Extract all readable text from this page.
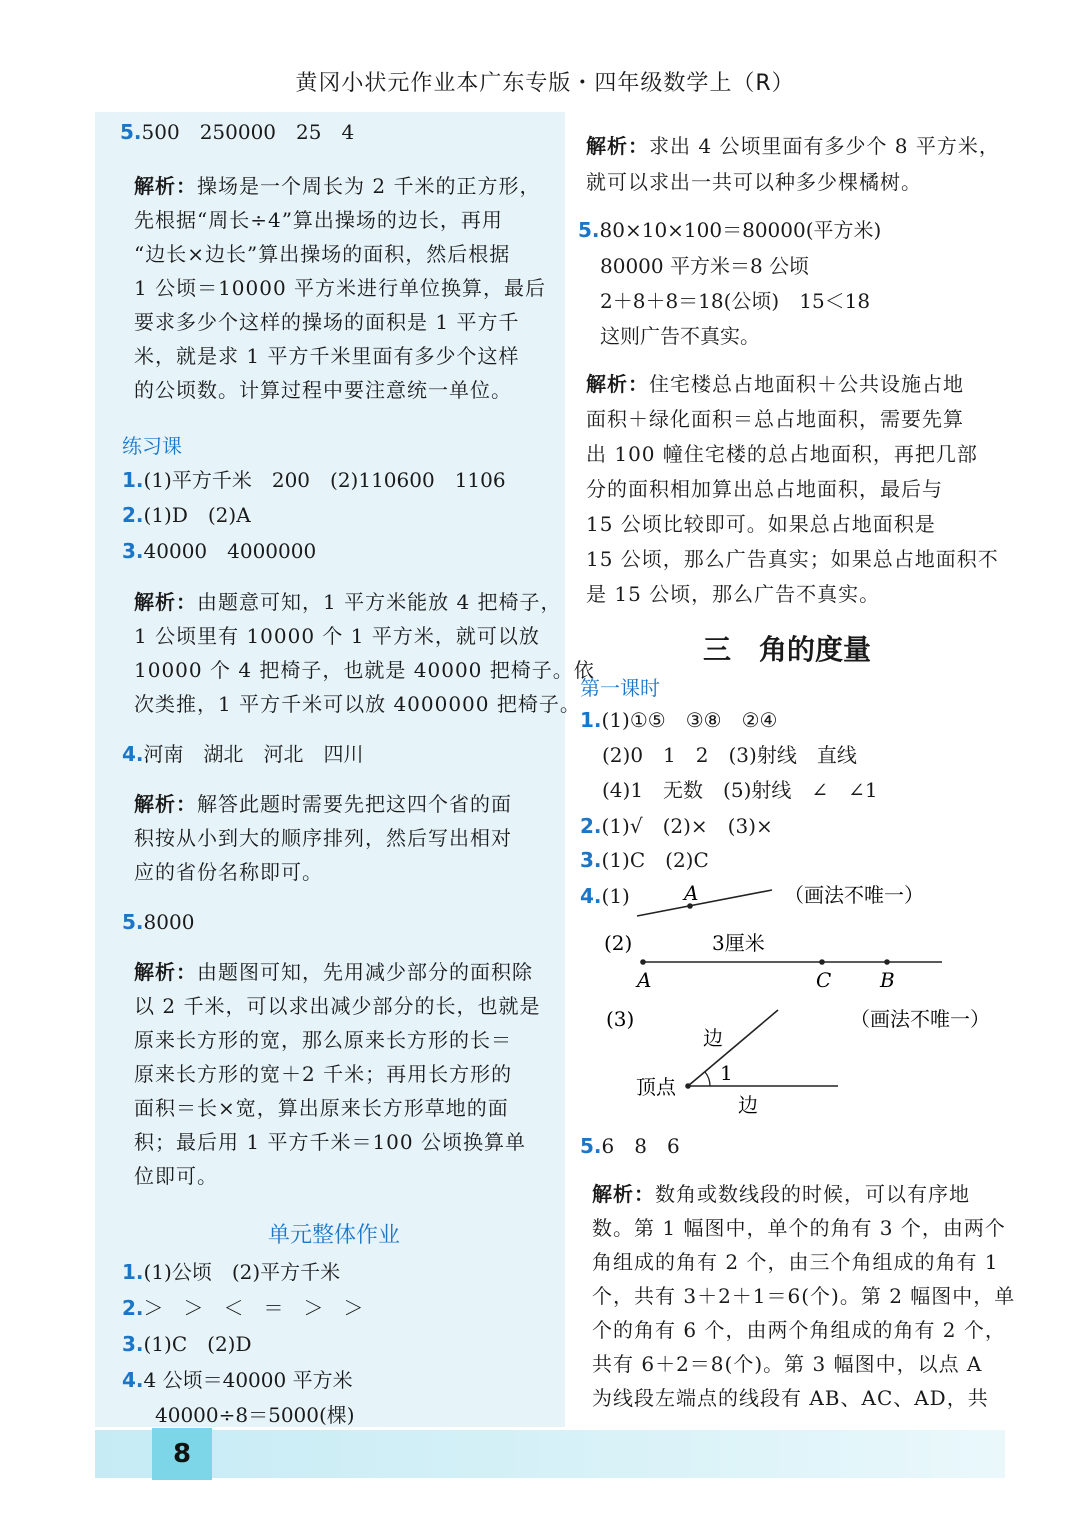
8
黄冈小状元作业本广东专版・四年级数学上（R）
5.500　250000　25　4
解析：操场是一个周长为 2 千米的正方形，
先根据“周长÷4”算出操场的边长，再用
“边长×边长”算出操场的面积，然后根据
1 公顷＝10000 平方米进行单位换算，最后
要求多少个这样的操场的面积是 1 平方千
米，就是求 1 平方千米里面有多少个这样
的公顷数。计算过程中要注意统一单位。
练习课
1.(1)平方千米　200　(2)110600　1106
2.(1)D　(2)A
3.40000　4000000
解析：由题意可知，1 平方米能放 4 把椅子，
1 公顷里有 10000 个 1 平方米，就可以放
10000 个 4 把椅子，也就是 40000 把椅子。依
次类推，1 平方千米可以放 4000000 把椅子。
4.河南　湖北　河北　四川
解析：解答此题时需要先把这四个省的面
积按从小到大的顺序排列，然后写出相对
应的省份名称即可。
5.8000
解析：由题图可知，先用减少部分的面积除
以 2 千米，可以求出减少部分的长，也就是
原来长方形的宽，那么原来长方形的长＝
原来长方形的宽＋2 千米；再用长方形的
面积＝长×宽，算出原来长方形草地的面
积；最后用 1 平方千米＝100 公顷换算单
位即可。
单元整体作业
1.(1)公顷　(2)平方千米
2.＞　＞　＜　＝　＞　＞
3.(1)C　(2)D
4.4 公顷＝40000 平方米
40000÷8＝5000(棵)
解析：求出 4 公顷里面有多少个 8 平方米，
就可以求出一共可以种多少棵橘树。
5.80×10×100＝80000(平方米)
80000 平方米＝8 公顷
2＋8＋8＝18(公顷)　15＜18
这则广告不真实。
解析：住宅楼总占地面积＋公共设施占地
面积＋绿化面积＝总占地面积，需要先算
出 100 幢住宅楼的总占地面积，再把几部
分的面积相加算出总占地面积，最后与
15 公顷比较即可。如果总占地面积是
15 公顷，那么广告真实；如果总占地面积不
是 15 公顷，那么广告不真实。
三　角的度量
第一课时
1.(1)①⑤　③⑧　②④
(2)0　1　2　(3)射线　直线
(4)1　无数　(5)射线　∠　∠1
2.(1)√　(2)×　(3)×
3.(1)C　(2)C
4.(1)	A	（画法不唯一）
(2)	3厘米
A	C B
(3)	（画法不唯一）
边
1
顶点
边
5.6　8　6
解析：数角或数线段的时候，可以有序地
数。第 1 幅图中，单个的角有 3 个，由两个
角组成的角有 2 个，由三个角组成的角有 1
个，共有 3＋2＋1＝6(个)。第 2 幅图中，单
个的角有 6 个，由两个角组成的角有 2 个，
共有 6＋2＝8(个)。第 3 幅图中，以点 A
为线段左端点的线段有 AB、AC、AD，共
